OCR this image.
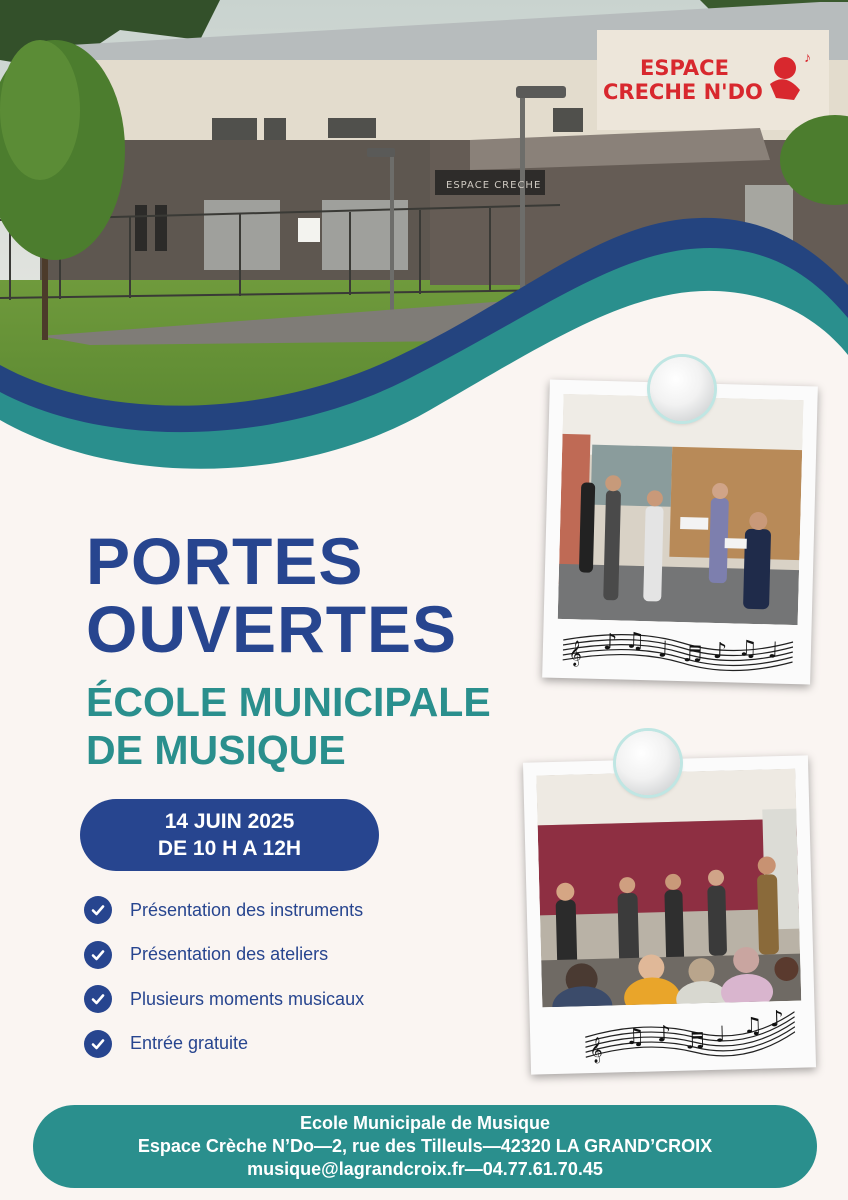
ESPACE
CRECHE N'DO
♪
ESPACE CRECHE
PORTES
OUVERTES
ÉCOLE MUNICIPALE
DE MUSIQUE
14 JUIN 2025
DE 10 H A 12H
Présentation des instruments
Présentation des ateliers
Plusieurs moments musicaux
Entrée gratuite
𝄞 ♪ ♫ ♩ ♬ ♪ ♫ ♩
𝄞
♫ ♪ ♬ ♩ ♫ ♪
Ecole Municipale de Musique
Espace Crèche N’Do—2, rue des Tilleuls—42320 LA GRAND’CROIX
musique@lagrandcroix.fr—04.77.61.70.45
